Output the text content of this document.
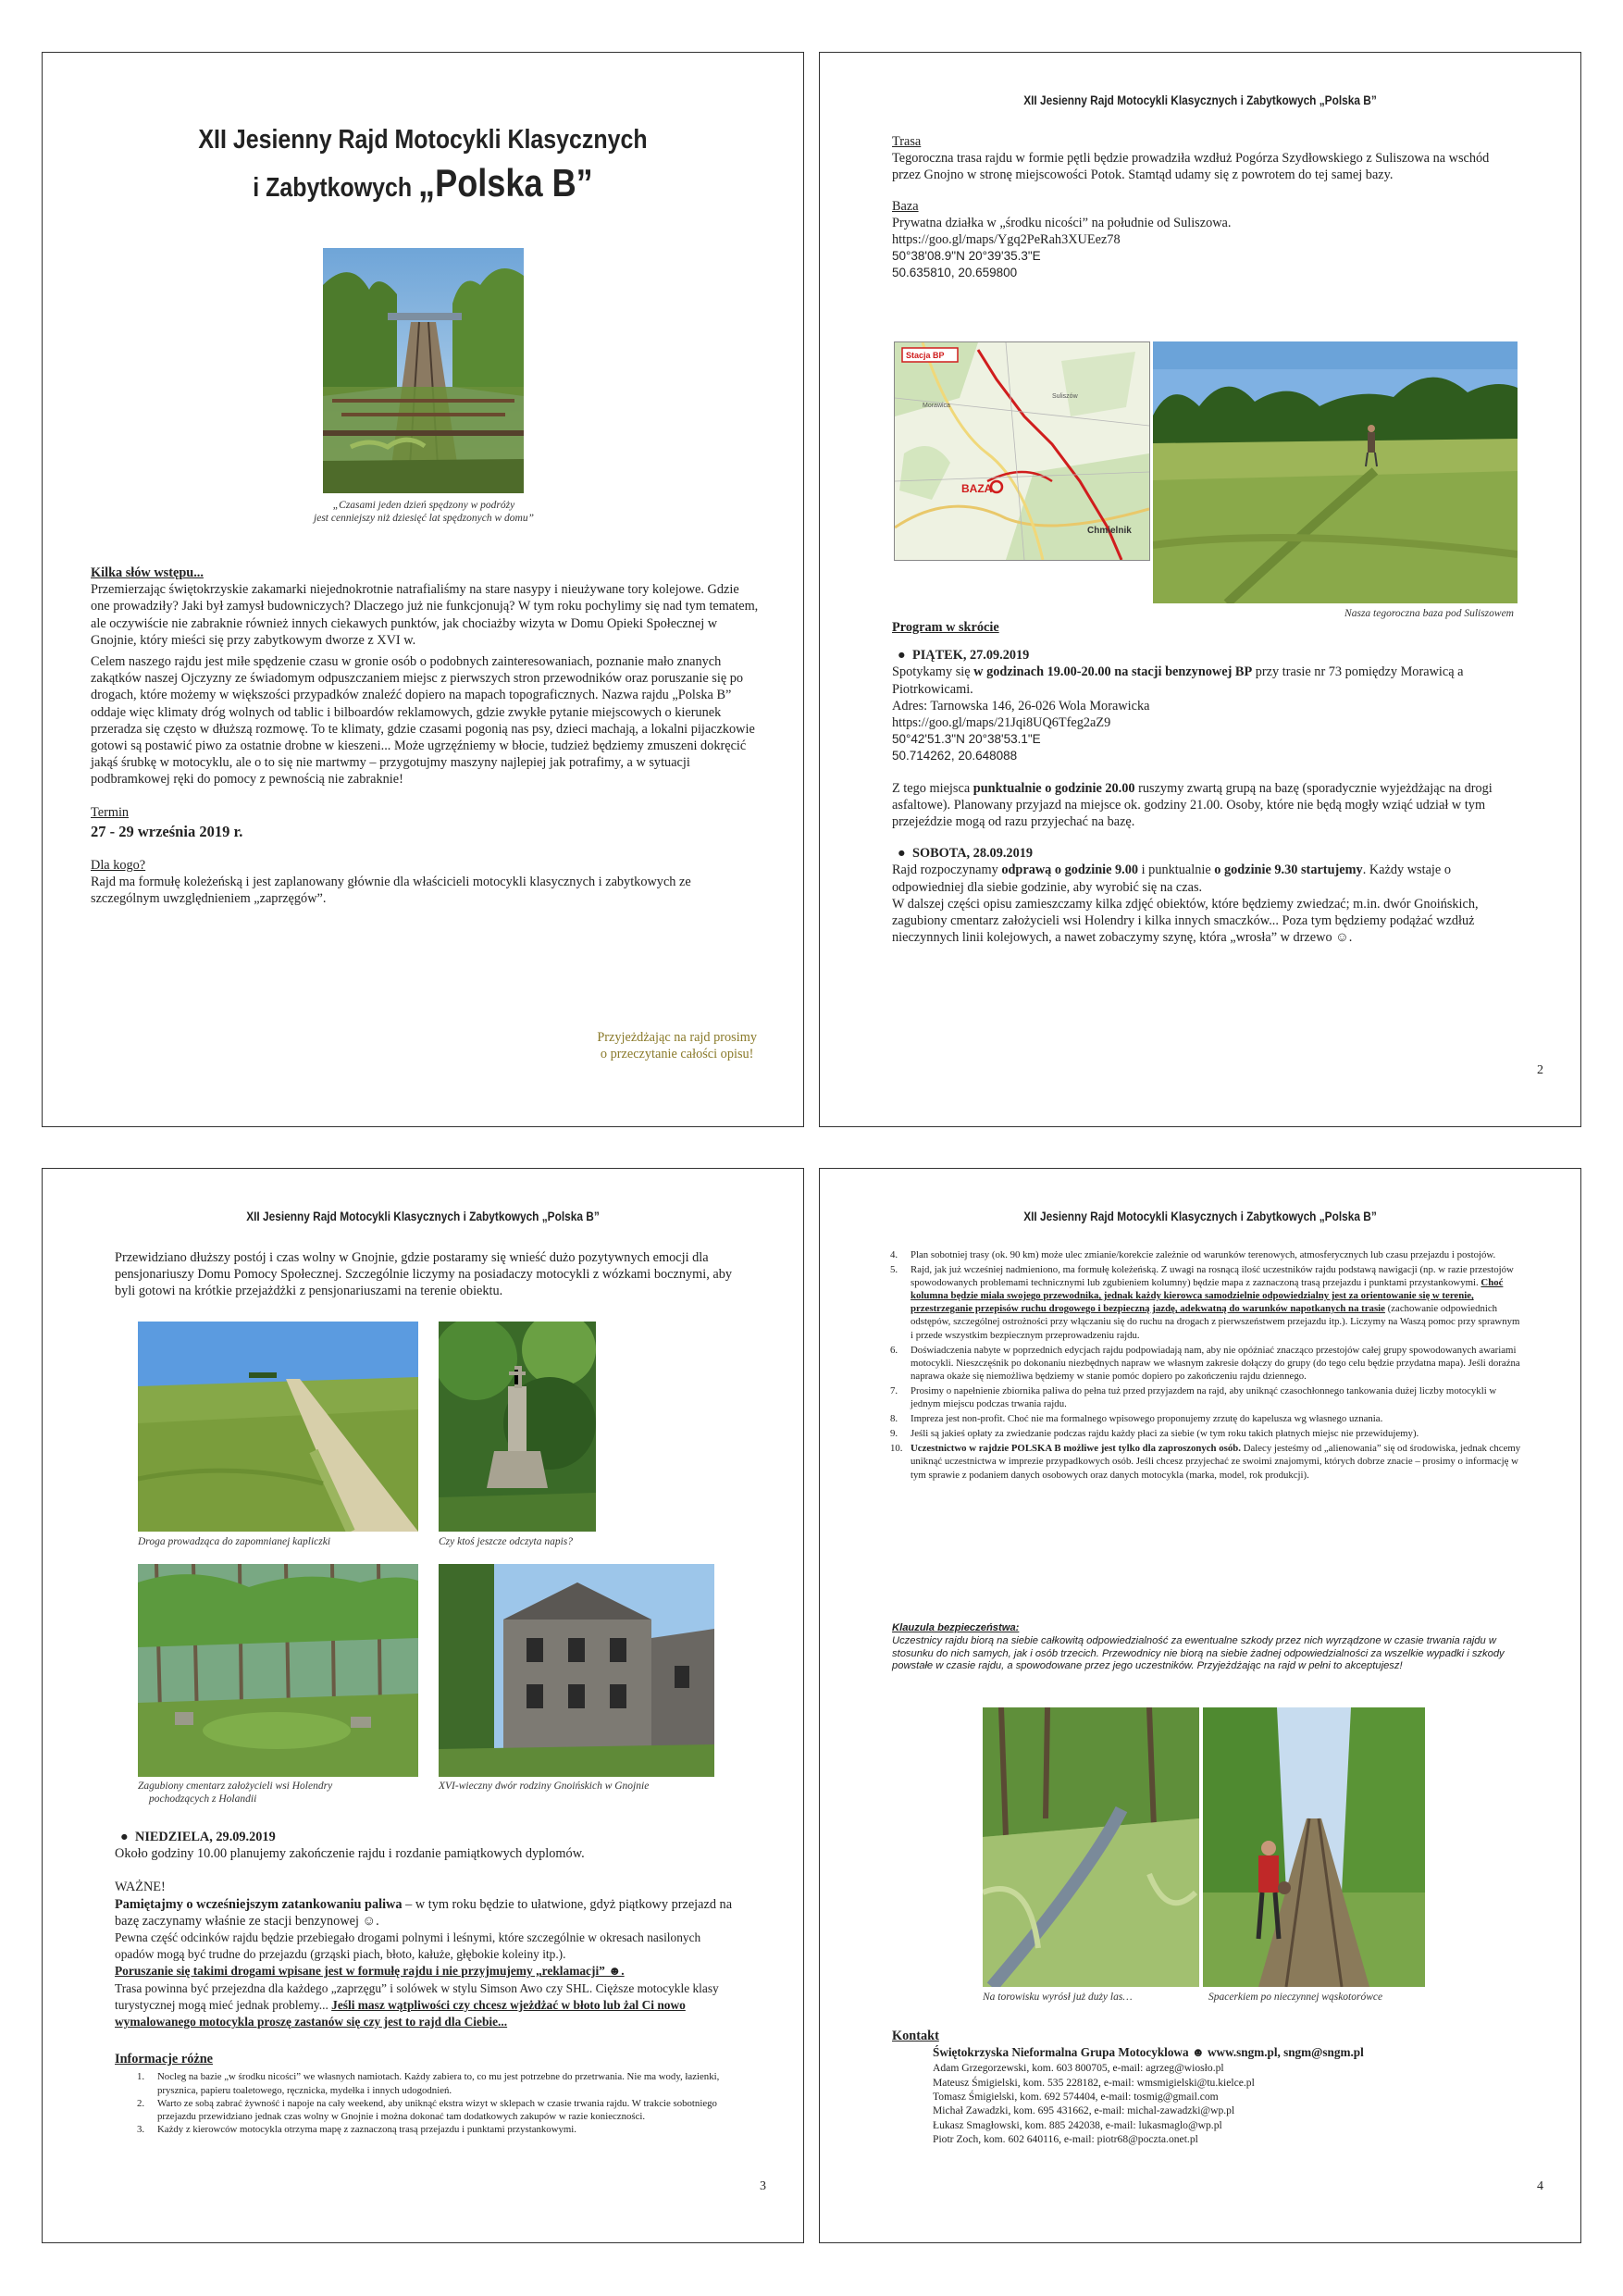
XII Jesienny Rajd Motocykli Klasycznych
i Zabytkowych „Polska B”
„Czasami jeden dzień spędzony w podróży
jest cenniejszy niż dziesięć lat spędzonych w domu”
Kilka słów wstępu...
Przemierzając świętokrzyskie zakamarki niejednokrotnie natrafialiśmy na stare nasypy i nieużywane tory kolejowe. Gdzie one prowadziły? Jaki był zamysł budowniczych? Dlaczego już nie funkcjonują? W tym roku pochylimy się nad tym tematem, ale oczywiście nie zabraknie również innych ciekawych punktów, jak chociażby wizyta w Domu Opieki Społecznej w Gnojnie, który mieści się przy zabytkowym dworze z XVI w.
Celem naszego rajdu jest miłe spędzenie czasu w gronie osób o podobnych zainteresowaniach, poznanie mało znanych zakątków naszej Ojczyzny ze świadomym odpuszczaniem miejsc z pierwszych stron przewodników oraz poruszanie się po drogach, które możemy w większości przypadków znaleźć dopiero na mapach topograficznych. Nazwa rajdu „Polska B” oddaje więc klimaty dróg wolnych od tablic i bilboardów reklamowych, gdzie zwykłe pytanie miejscowych o kierunek przeradza się często w dłuższą rozmowę. To te klimaty, gdzie czasami pogonią nas psy, dzieci machają, a lokalni pijaczkowie gotowi są postawić piwo za ostatnie drobne w kieszeni... Może ugrzęźniemy w błocie, tudzież będziemy zmuszeni dokręcić jakąś śrubkę w motocyklu, ale o to się nie martwmy – przygotujmy maszyny najlepiej jak potrafimy, a w sytuacji podbramkowej ręki do pomocy z pewnością nie zabraknie!
Termin
27 - 29 września 2019 r.
Dla kogo?
Rajd ma formułę koleżeńską i jest zaplanowany głównie dla właścicieli motocykli klasycznych i zabytkowych ze szczególnym uwzględnieniem „zaprzęgów”.
Przyjeżdżając na rajd prosimy
o przeczytanie całości opisu!
XII Jesienny Rajd Motocykli Klasycznych i Zabytkowych „Polska B”
Trasa
Tegoroczna trasa rajdu w formie pętli będzie prowadziła wzdłuż Pogórza Szydłowskiego z Suliszowa na wschód przez Gnojno w stronę miejscowości Potok. Stamtąd udamy się z powrotem do tej samej bazy.
Baza
Prywatna działka w „środku nicości” na południe od Suliszowa.
https://goo.gl/maps/Ygq2PeRah3XUEez78
50°38'08.9"N 20°39'35.3"E
50.635810, 20.659800
Stacja BP
BAZA
Chmielnik
Morawica
Suliszów
Nasza tegoroczna baza pod Suliszowem
Program w skrócie
● PIĄTEK, 27.09.2019
Spotykamy się w godzinach 19.00-20.00 na stacji benzynowej BP przy trasie nr 73 pomiędzy Morawicą a Piotrkowicami.
Adres: Tarnowska 146, 26-026 Wola Morawicka
https://goo.gl/maps/21Jqi8UQ6Tfeg2aZ9
50°42'51.3"N 20°38'53.1"E
50.714262, 20.648088
Z tego miejsca punktualnie o godzinie 20.00 ruszymy zwartą grupą na bazę (sporadycznie wyjeżdżając na drogi asfaltowe). Planowany przyjazd na miejsce ok. godziny 21.00. Osoby, które nie będą mogły wziąć udział w tym przejeździe mogą od razu przyjechać na bazę.
● SOBOTA, 28.09.2019
Rajd rozpoczynamy odprawą o godzinie 9.00 i punktualnie o godzinie 9.30 startujemy. Każdy wstaje o odpowiedniej dla siebie godzinie, aby wyrobić się na czas.
W dalszej części opisu zamieszczamy kilka zdjęć obiektów, które będziemy zwiedzać; m.in. dwór Gnoińskich, zagubiony cmentarz założycieli wsi Holendry i kilka innych smaczków... Poza tym będziemy podążać wzdłuż nieczynnych linii kolejowych, a nawet zobaczymy szynę, która „wrosła” w drzewo ☺.
2
XII Jesienny Rajd Motocykli Klasycznych i Zabytkowych „Polska B”
Przewidziano dłuższy postój i czas wolny w Gnojnie, gdzie postaramy się wnieść dużo pozytywnych emocji dla pensjonariuszy Domu Pomocy Społecznej. Szczególnie liczymy na posiadaczy motocykli z wózkami bocznymi, aby byli gotowi na krótkie przejażdżki z pensjonariuszami na terenie obiektu.
Droga prowadząca do zapomnianej kapliczki	Czy ktoś jeszcze odczyta napis?
Zagubiony cmentarz założycieli wsi Holendry
pochodzących z Holandii
XVI-wieczny dwór rodziny Gnoińskich w Gnojnie
● NIEDZIELA, 29.09.2019
Około godziny 10.00 planujemy zakończenie rajdu i rozdanie pamiątkowych dyplomów.
WAŻNE!
Pamiętajmy o wcześniejszym zatankowaniu paliwa – w tym roku będzie to ułatwione, gdyż piątkowy przejazd na bazę zaczynamy właśnie ze stacji benzynowej ☺.
Pewna część odcinków rajdu będzie przebiegało drogami polnymi i leśnymi, które szczególnie w okresach nasilonych opadów mogą być trudne do przejazdu (grząski piach, błoto, kałuże, głębokie koleiny itp.).
Poruszanie się takimi drogami wpisane jest w formułę rajdu i nie przyjmujemy „reklamacji” ☻.
Trasa powinna być przejezdna dla każdego „zaprzęgu” i solówek w stylu Simson Awo czy SHL. Cięższe motocykle klasy turystycznej mogą mieć jednak problemy... Jeśli masz wątpliwości czy chcesz wjeżdżać w błoto lub żal Ci nowo wymalowanego motocykla proszę zastanów się czy jest to rajd dla Ciebie...
Informacje różne
1. Nocleg na bazie „w środku nicości” we własnych namiotach. Każdy zabiera to, co mu jest potrzebne do przetrwania. Nie ma wody, łazienki, prysznica, papieru toaletowego, ręcznicka, mydełka i innych udogodnień.
2. Warto ze sobą zabrać żywność i napoje na cały weekend, aby uniknąć ekstra wizyt w sklepach w czasie trwania rajdu. W trakcie sobotniego przejazdu przewidziano jednak czas wolny w Gnojnie i można dokonać tam dodatkowych zakupów w razie konieczności.
3. Każdy z kierowców motocykla otrzyma mapę z zaznaczoną trasą przejazdu i punktami przystankowymi.
3
XII Jesienny Rajd Motocykli Klasycznych i Zabytkowych „Polska B”
4. Plan sobotniej trasy (ok. 90 km) może ulec zmianie/korekcie zależnie od warunków terenowych, atmosferycznych lub czasu przejazdu i postojów.
5. Rajd, jak już wcześniej nadmieniono, ma formułę koleżeńską. Z uwagi na rosnącą ilość uczestników rajdu podstawą nawigacji (np. w razie przestojów spowodowanych problemami technicznymi lub zgubieniem kolumny) będzie mapa z zaznaczoną trasą przejazdu i punktami przystankowymi. Choć kolumna będzie miała swojego przewodnika, jednak każdy kierowca samodzielnie odpowiedzialny jest za orientowanie się w terenie, przestrzeganie przepisów ruchu drogowego i bezpieczną jazdę, adekwatną do warunków napotkanych na trasie (zachowanie odpowiednich odstępów, szczególnej ostrożności przy włączaniu się do ruchu na drogach z pierwszeństwem przejazdu itp.). Liczymy na Waszą pomoc przy sprawnym i przede wszystkim bezpiecznym przeprowadzeniu rajdu.
6. Doświadczenia nabyte w poprzednich edycjach rajdu podpowiadają nam, aby nie opóźniać znacząco przestojów całej grupy spowodowanych awariami motocykli. Nieszczęśnik po dokonaniu niezbędnych napraw we własnym zakresie dołączy do grupy (do tego celu będzie przydatna mapa). Jeśli doraźna naprawa okaże się niemożliwa będziemy w stanie pomóc dopiero po zakończeniu rajdu dziennego.
7. Prosimy o napełnienie zbiornika paliwa do pełna tuż przed przyjazdem na rajd, aby uniknąć czasochłonnego tankowania dużej liczby motocykli w jednym miejscu podczas trwania rajdu.
8. Impreza jest non-profit. Choć nie ma formalnego wpisowego proponujemy zrzutę do kapelusza wg własnego uznania.
9. Jeśli są jakieś opłaty za zwiedzanie podczas rajdu każdy płaci za siebie (w tym roku takich płatnych miejsc nie przewidujemy).
10. Uczestnictwo w rajdzie POLSKA B możliwe jest tylko dla zaproszonych osób. Dalecy jesteśmy od „alienowania” się od środowiska, jednak chcemy uniknąć uczestnictwa w imprezie przypadkowych osób. Jeśli chcesz przyjechać ze swoimi znajomymi, których dobrze znacie – prosimy o informację w tym sprawie z podaniem danych osobowych oraz danych motocykla (marka, model, rok produkcji).
Klauzula bezpieczeństwa:
Uczestnicy rajdu biorą na siebie całkowitą odpowiedzialność za ewentualne szkody przez nich wyrządzone w czasie trwania rajdu w stosunku do nich samych, jak i osób trzecich. Przewodnicy nie biorą na siebie żadnej odpowiedzialności za wszelkie wypadki i szkody powstałe w czasie rajdu, a spowodowane przez jego uczestników. Przyjeżdżając na rajd w pełni to akceptujesz!
Na torowisku wyrósł już duży las…	Spacerkiem po nieczynnej wąskotorówce
Kontakt
Świętokrzyska Nieformalna Grupa Motocyklowa ☻ www.sngm.pl, sngm@sngm.pl
Adam Grzegorzewski, kom. 603 800705, e-mail: agrzeg@wiosło.pl
Mateusz Śmigielski, kom. 535 228182, e-mail: wmsmigielski@tu.kielce.pl
Tomasz Śmigielski, kom. 692 574404, e-mail: tosmig@gmail.com
Michał Zawadzki, kom. 695 431662, e-mail: michal-zawadzki@wp.pl
Łukasz Smagłowski, kom. 885 242038, e-mail: lukasmaglo@wp.pl
Piotr Zoch, kom. 602 640116, e-mail: piotr68@poczta.onet.pl
4
